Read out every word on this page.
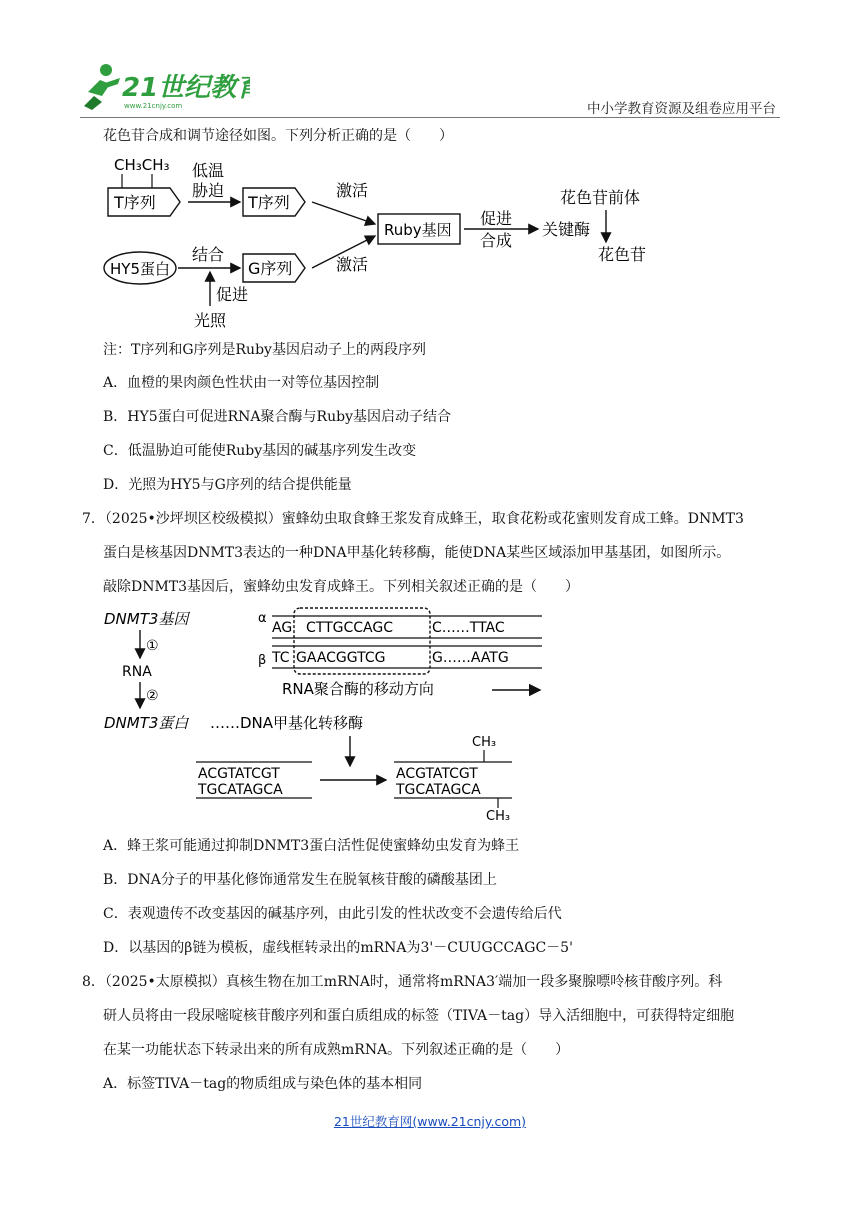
21世纪教育
www.21cnjy.com	中小学教育资源及组卷应用平台
花色苷合成和调节途径如图。下列分析正确的是（　　）
CH₃CH₃
T序列
低温
胁迫
T序列
激活
Ruby基因
促进
合成
关键酶
花色苷前体
花色苷
HY5蛋白
结合
G序列	激活
促进
光照
注：T序列和G序列是Ruby基因启动子上的两段序列
A．血橙的果肉颜色性状由一对等位基因控制
B．HY5蛋白可促进RNA聚合酶与Ruby基因启动子结合
C．低温胁迫可能使Ruby基因的碱基序列发生改变
D．光照为HY5与G序列的结合提供能量
7．（2025•沙坪坝区校级模拟）蜜蜂幼虫取食蜂王浆发育成蜂王，取食花粉或花蜜则发育成工蜂。DNMT3
蛋白是核基因DNMT3表达的一种DNA甲基化转移酶，能使DNA某些区域添加甲基基团，如图所示。
敲除DNMT3基因后，蜜蜂幼虫发育成蜂王。下列相关叙述正确的是（　　）
DNMT3基因
①
RNA
②
DNMT3蛋白 ……DNA甲基化转移酶
α
AG CTTGCCAGC	C……TTAC
β TC GAACGGTCG	G……AATG
RNA聚合酶的移动方向
ACGTATCGT
TGCATAGCA
CH₃
ACGTATCGT
TGCATAGCA
CH₃
A．蜂王浆可能通过抑制DNMT3蛋白活性促使蜜蜂幼虫发育为蜂王
B．DNA分子的甲基化修饰通常发生在脱氧核苷酸的磷酸基团上
C．表观遗传不改变基因的碱基序列，由此引发的性状改变不会遗传给后代
D．以基因的β链为模板，虚线框转录出的mRNA为3'－CUUGCCAGC－5'
8．（2025•太原模拟）真核生物在加工mRNA时，通常将mRNA3′端加一段多聚腺嘌呤核苷酸序列。科
研人员将由一段尿嘧啶核苷酸序列和蛋白质组成的标签（TIVA－tag）导入活细胞中，可获得特定细胞
在某一功能状态下转录出来的所有成熟mRNA。下列叙述正确的是（　　）
A．标签TIVA－tag的物质组成与染色体的基本相同
21世纪教育网(www.21cnjy.com)
